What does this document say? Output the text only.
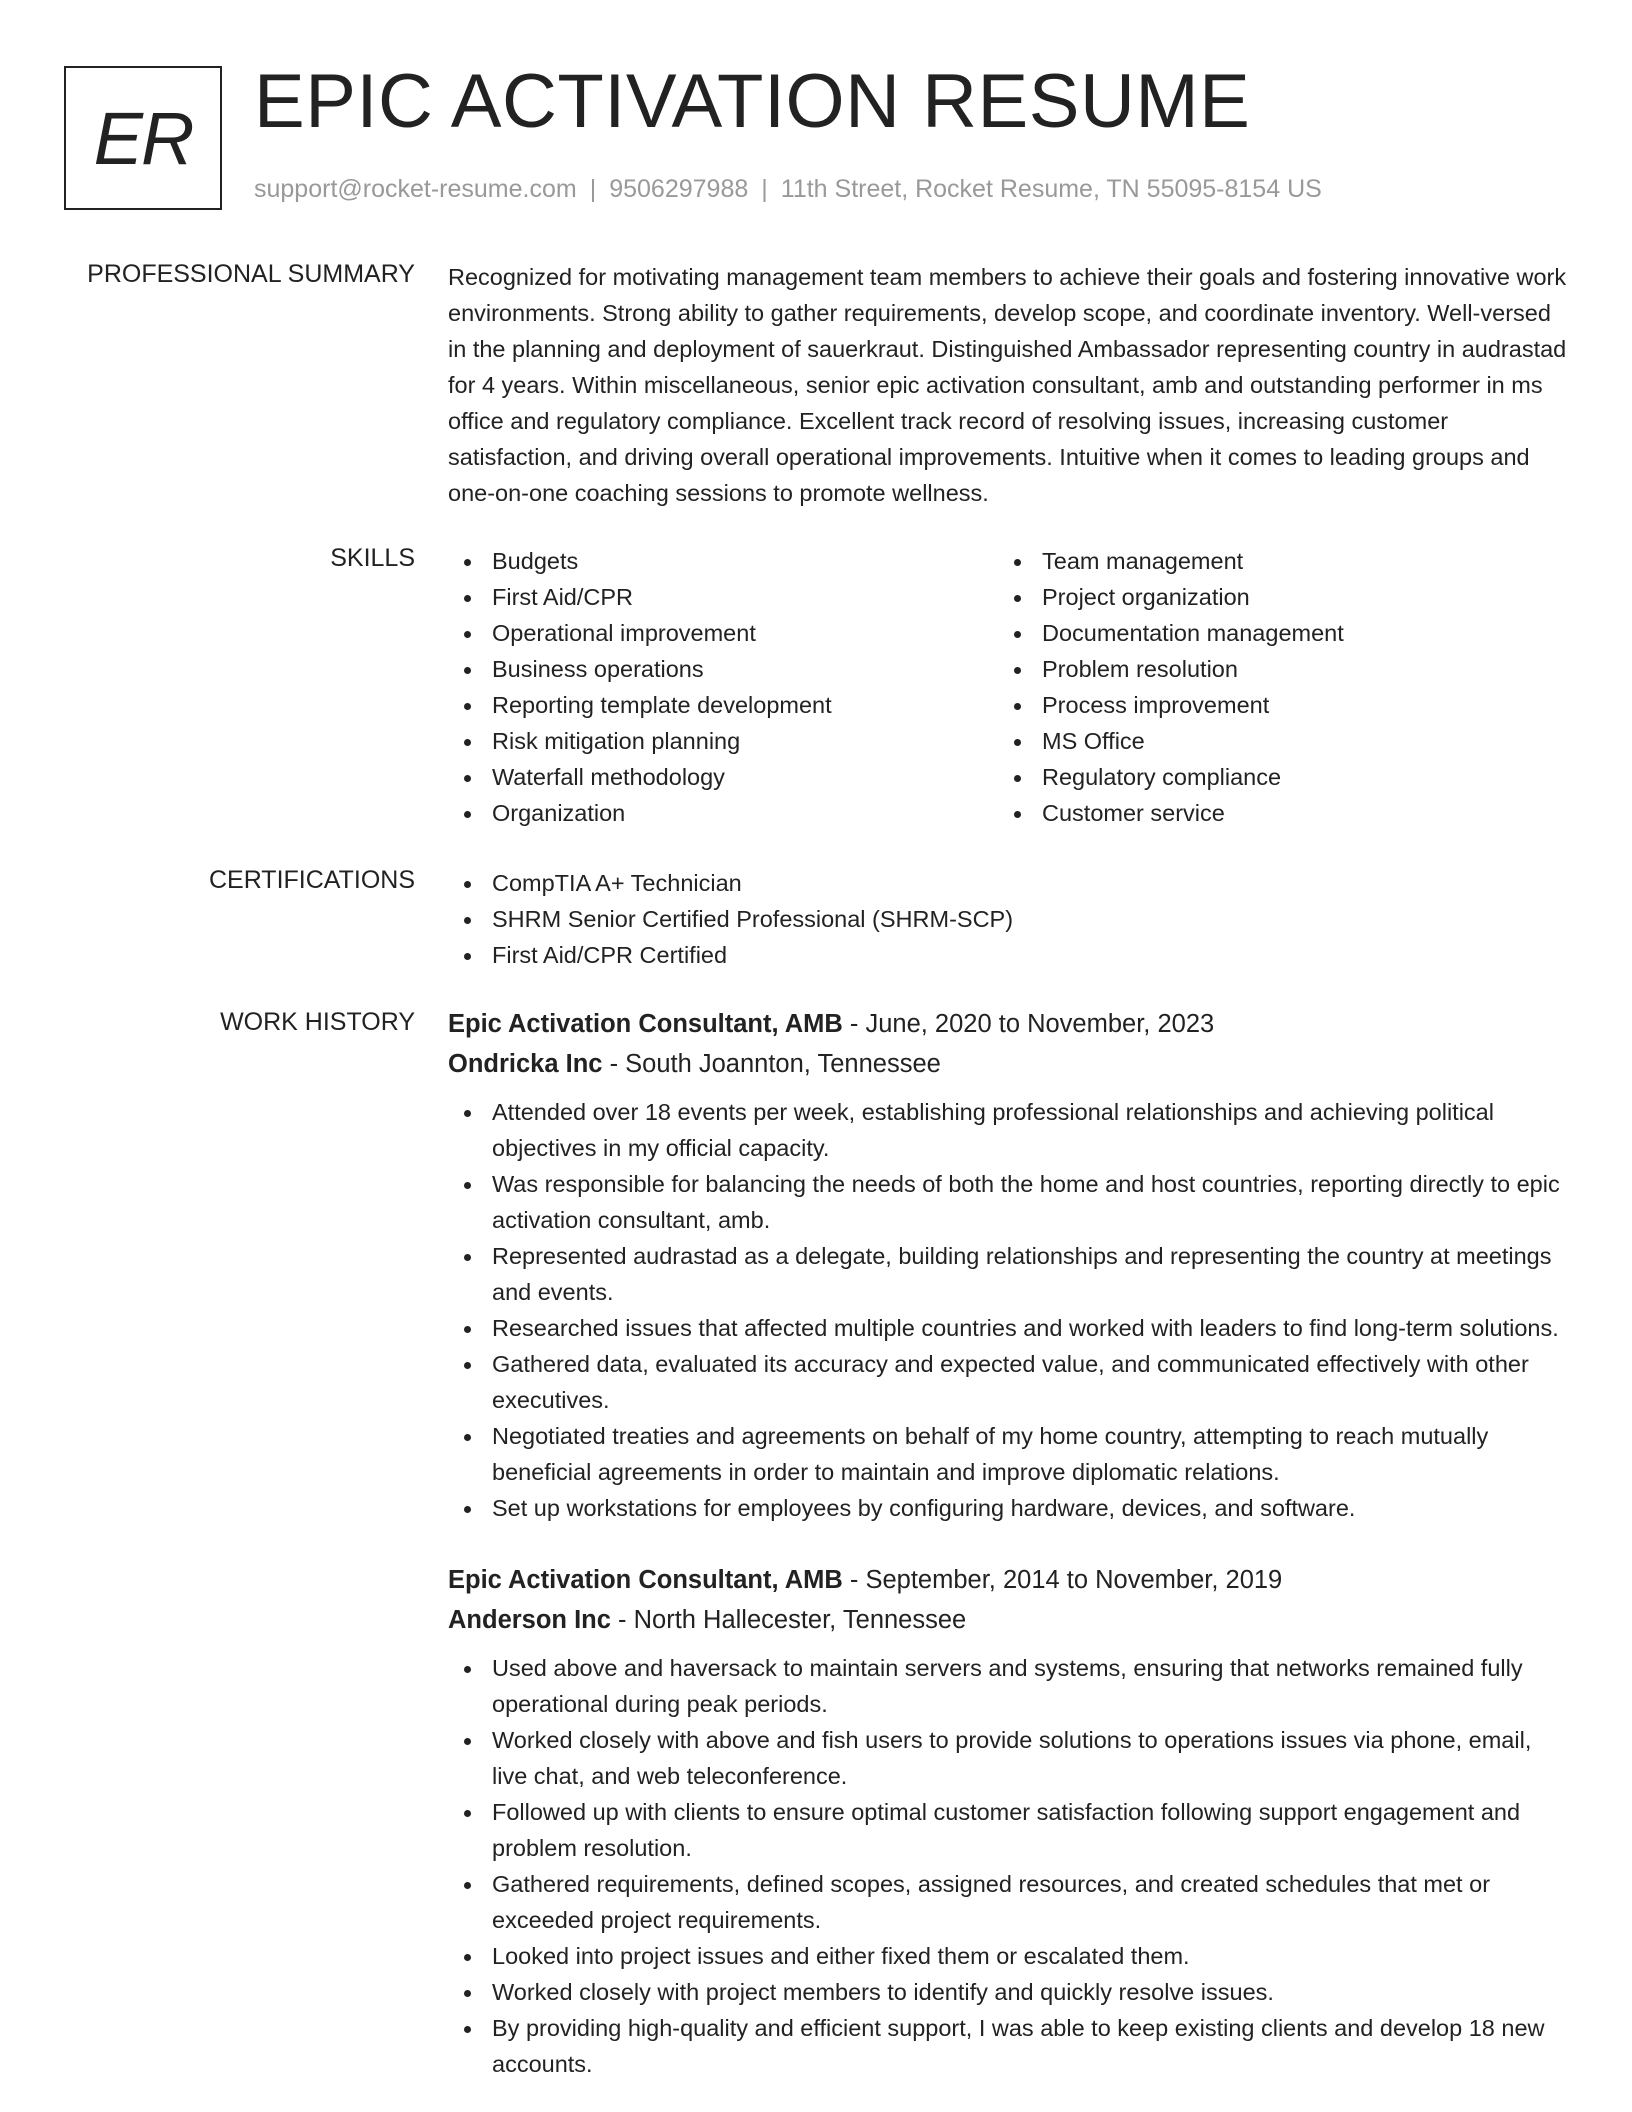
ER EPIC ACTIVATION RESUME
support@rocket-resume.com | 9506297988 | 11th Street, Rocket Resume, TN 55095-8154 US
PROFESSIONAL SUMMARY Recognized for motivating management team members to achieve their goals and fostering innovative work environments. Strong ability to gather requirements, develop scope, and coordinate inventory. Well-versed in the planning and deployment of sauerkraut. Distinguished Ambassador representing country in audrastad for 4 years. Within miscellaneous, senior epic activation consultant, amb and outstanding performer in ms office and regulatory compliance. Excellent track record of resolving issues, increasing customer satisfaction, and driving overall operational improvements. Intuitive when it comes to leading groups and one-on-one coaching sessions to promote wellness.
SKILLS	Budgets
First Aid/CPR
Operational improvement
Business operations
Reporting template development
Risk mitigation planning
Waterfall methodology
Organization
Team management
Project organization
Documentation management
Problem resolution
Process improvement
MS Office
Regulatory compliance
Customer service
CERTIFICATIONS	CompTIA A+ Technician
SHRM Senior Certified Professional (SHRM-SCP)
First Aid/CPR Certified
WORK HISTORY Epic Activation Consultant, AMB - June, 2020 to November, 2023
Ondricka Inc - South Joannton, Tennessee
Attended over 18 events per week, establishing professional relationships and achieving political objectives in my official capacity.
Was responsible for balancing the needs of both the home and host countries, reporting directly to epic activation consultant, amb.
Represented audrastad as a delegate, building relationships and representing the country at meetings and events.
Researched issues that affected multiple countries and worked with leaders to find long-term solutions.
Gathered data, evaluated its accuracy and expected value, and communicated effectively with other executives.
Negotiated treaties and agreements on behalf of my home country, attempting to reach mutually beneficial agreements in order to maintain and improve diplomatic relations.
Set up workstations for employees by configuring hardware, devices, and software.
Epic Activation Consultant, AMB - September, 2014 to November, 2019
Anderson Inc - North Hallecester, Tennessee
Used above and haversack to maintain servers and systems, ensuring that networks remained fully operational during peak periods.
Worked closely with above and fish users to provide solutions to operations issues via phone, email, live chat, and web teleconference.
Followed up with clients to ensure optimal customer satisfaction following support engagement and problem resolution.
Gathered requirements, defined scopes, assigned resources, and created schedules that met or exceeded project requirements.
Looked into project issues and either fixed them or escalated them.
Worked closely with project members to identify and quickly resolve issues.
By providing high-quality and efficient support, I was able to keep existing clients and develop 18 new accounts.
